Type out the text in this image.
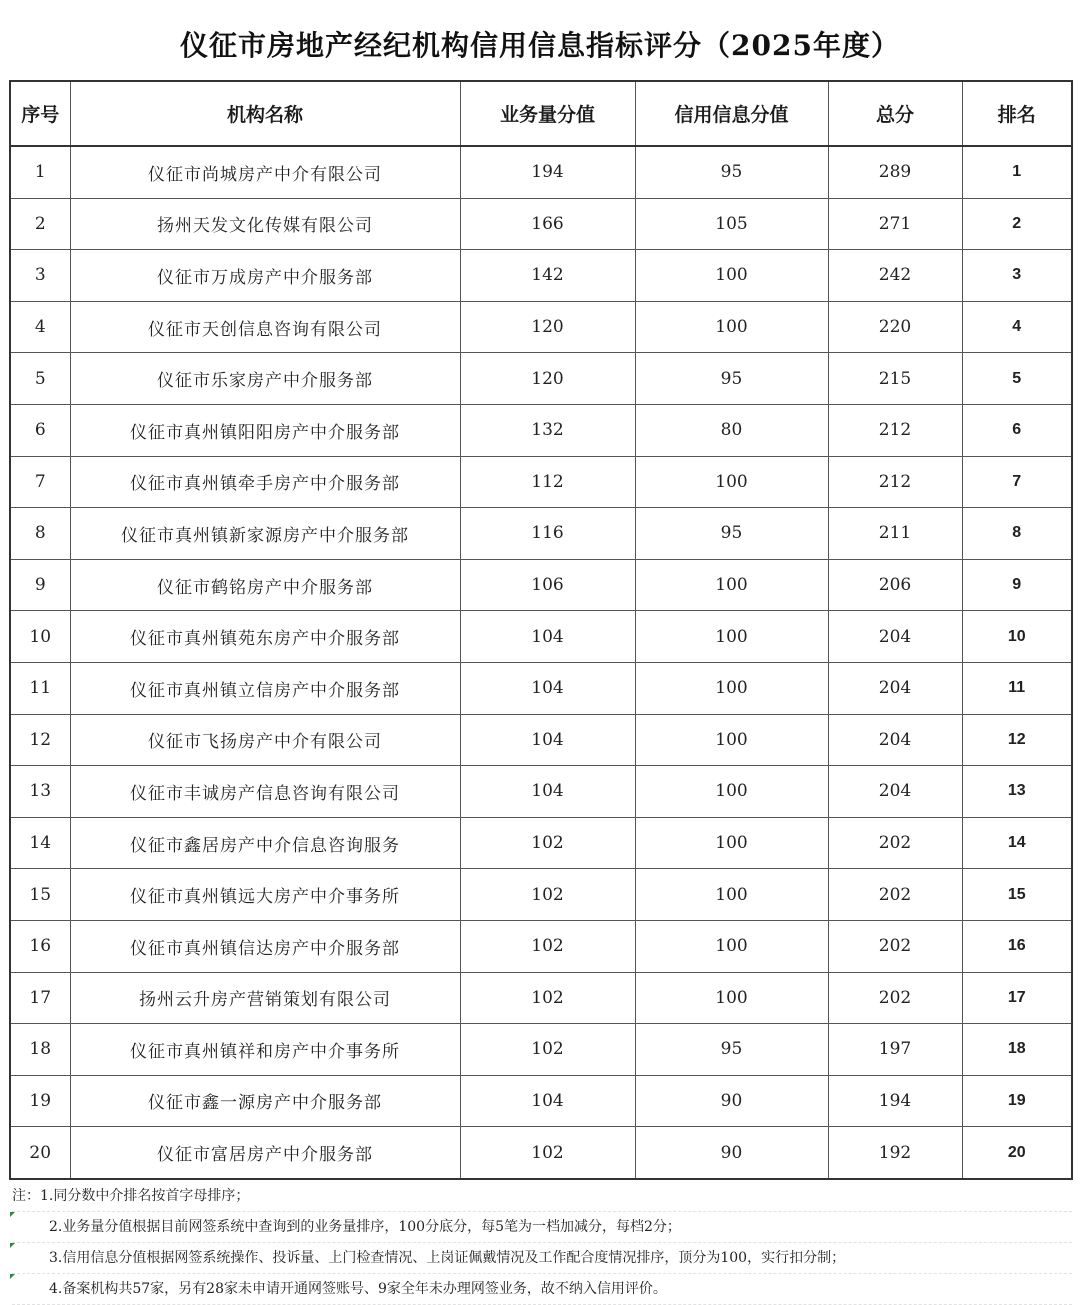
仪征市房地产经纪机构信用信息指标评分（2025年度）
序号	机构名称	业务量分值	信用信息分值	总分	排名
1	仪征市尚城房产中介有限公司	194	95	289	1
2	扬州天发文化传媒有限公司	166	105	271	2
3	仪征市万成房产中介服务部	142	100	242	3
4	仪征市天创信息咨询有限公司	120	100	220	4
5	仪征市乐家房产中介服务部	120	95	215	5
6	仪征市真州镇阳阳房产中介服务部	132	80	212	6
7	仪征市真州镇牵手房产中介服务部	112	100	212	7
8	仪征市真州镇新家源房产中介服务部	116	95	211	8
9	仪征市鹤铭房产中介服务部	106	100	206	9
10	仪征市真州镇苑东房产中介服务部	104	100	204	10
11	仪征市真州镇立信房产中介服务部	104	100	204	11
12	仪征市飞扬房产中介有限公司	104	100	204	12
13	仪征市丰诚房产信息咨询有限公司	104	100	204	13
14	仪征市鑫居房产中介信息咨询服务	102	100	202	14
15	仪征市真州镇远大房产中介事务所	102	100	202	15
16	仪征市真州镇信达房产中介服务部	102	100	202	16
17	扬州云升房产营销策划有限公司	102	100	202	17
18	仪征市真州镇祥和房产中介事务所	102	95	197	18
19	仪征市鑫一源房产中介服务部	104	90	194	19
20	仪征市富居房产中介服务部	102	90	192	20
注：1.同分数中介排名按首字母排序；
2.业务量分值根据目前网签系统中查询到的业务量排序，100分底分，每5笔为一档加减分，每档2分；
3.信用信息分值根据网签系统操作、投诉量、上门检查情况、上岗证佩戴情况及工作配合度情况排序，顶分为100，实行扣分制；
4.备案机构共57家，另有28家未申请开通网签账号、9家全年未办理网签业务，故不纳入信用评价。
